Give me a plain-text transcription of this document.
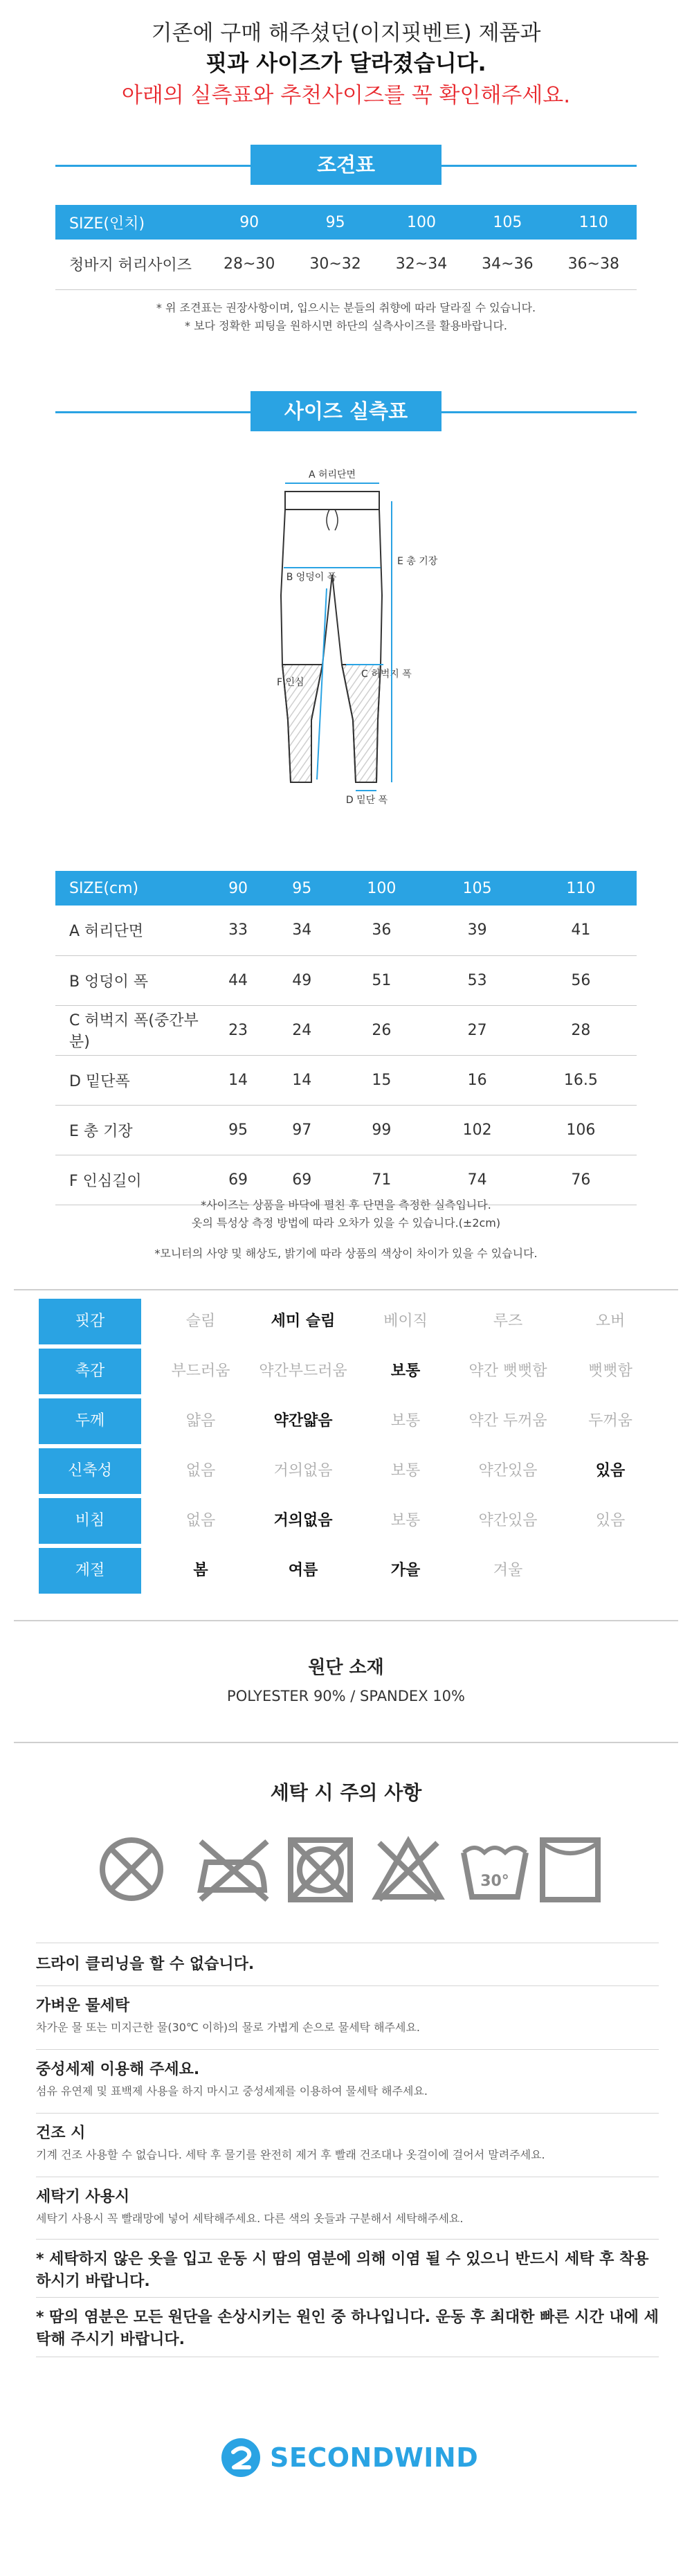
기존에 구매 해주셨던(이지핏벤트) 제품과
핏과 사이즈가 달라졌습니다.
아래의 실측표와 추천사이즈를 꼭 확인해주세요.
조견표
SIZE(인치)	90	95	100	105	110
청바지 허리사이즈	28~30	30~32	32~34	34~36	36~38
* 위 조견표는 권장사항이며, 입으시는 분들의 취향에 따라 달라질 수 있습니다.
* 보다 정확한 피팅을 원하시면 하단의 실측사이즈를 활용바랍니다.
사이즈 실측표
A 허리단면
B 엉덩이 폭
C 허벅지 폭
D 밑단 폭
E 총 기장
F 인심
SIZE(cm)	90	95	100	105	110
A 허리단면	33	34	36	39	41
B 엉덩이 폭	44	49	51	53	56
C 허벅지 폭(중간부분)	23	24	26	27	28
D 밑단폭	14	14	15	16	16.5
E 총 기장	95	97	99	102	106
F 인심길이	69	69	71	74	76
*사이즈는 상품을 바닥에 펼친 후 단면을 측정한 실측입니다.
옷의 특성상 측정 방법에 따라 오차가 있을 수 있습니다.(±2cm)
*모니터의 사양 및 해상도, 밝기에 따라 상품의 색상이 차이가 있을 수 있습니다.
핏감	슬림	세미 슬림	베이직	루즈	오버
촉감	부드러움	약간부드러움	보통	약간 뻣뻣함	뻣뻣함
두께	얇음	약간얇음	보통	약간 두꺼움	두꺼움
신축성	없음	거의없음	보통	약간있음	있음
비침	없음	거의없음	보통	약간있음	있음
계절	봄	여름	가을	겨울
원단 소재
POLYESTER 90% / SPANDEX 10%
세탁 시 주의 사항
30°
드라이 클리닝을 할 수 없습니다.
가벼운 물세탁
차가운 물 또는 미지근한 물(30℃ 이하)의 물로 가볍게 손으로 물세탁 해주세요.
중성세제 이용해 주세요.
섬유 유연제 및 표백제 사용을 하지 마시고 중성세제를 이용하여 물세탁 해주세요.
건조 시
기계 건조 사용할 수 없습니다. 세탁 후 물기를 완전히 제거 후 빨래 건조대나 옷걸이에 걸어서 말려주세요.
세탁기 사용시
세탁기 사용시 꼭 빨래망에 넣어 세탁해주세요. 다른 색의 옷들과 구분해서 세탁해주세요.
* 세탁하지 않은 옷을 입고 운동 시 땀의 염분에 의해 이염 될 수 있으니 반드시 세탁 후 착용하시기 바랍니다.
* 땀의 염분은 모든 원단을 손상시키는 원인 중 하나입니다. 운동 후 최대한 빠른 시간 내에 세탁해 주시기 바랍니다.
SECONDWIND
